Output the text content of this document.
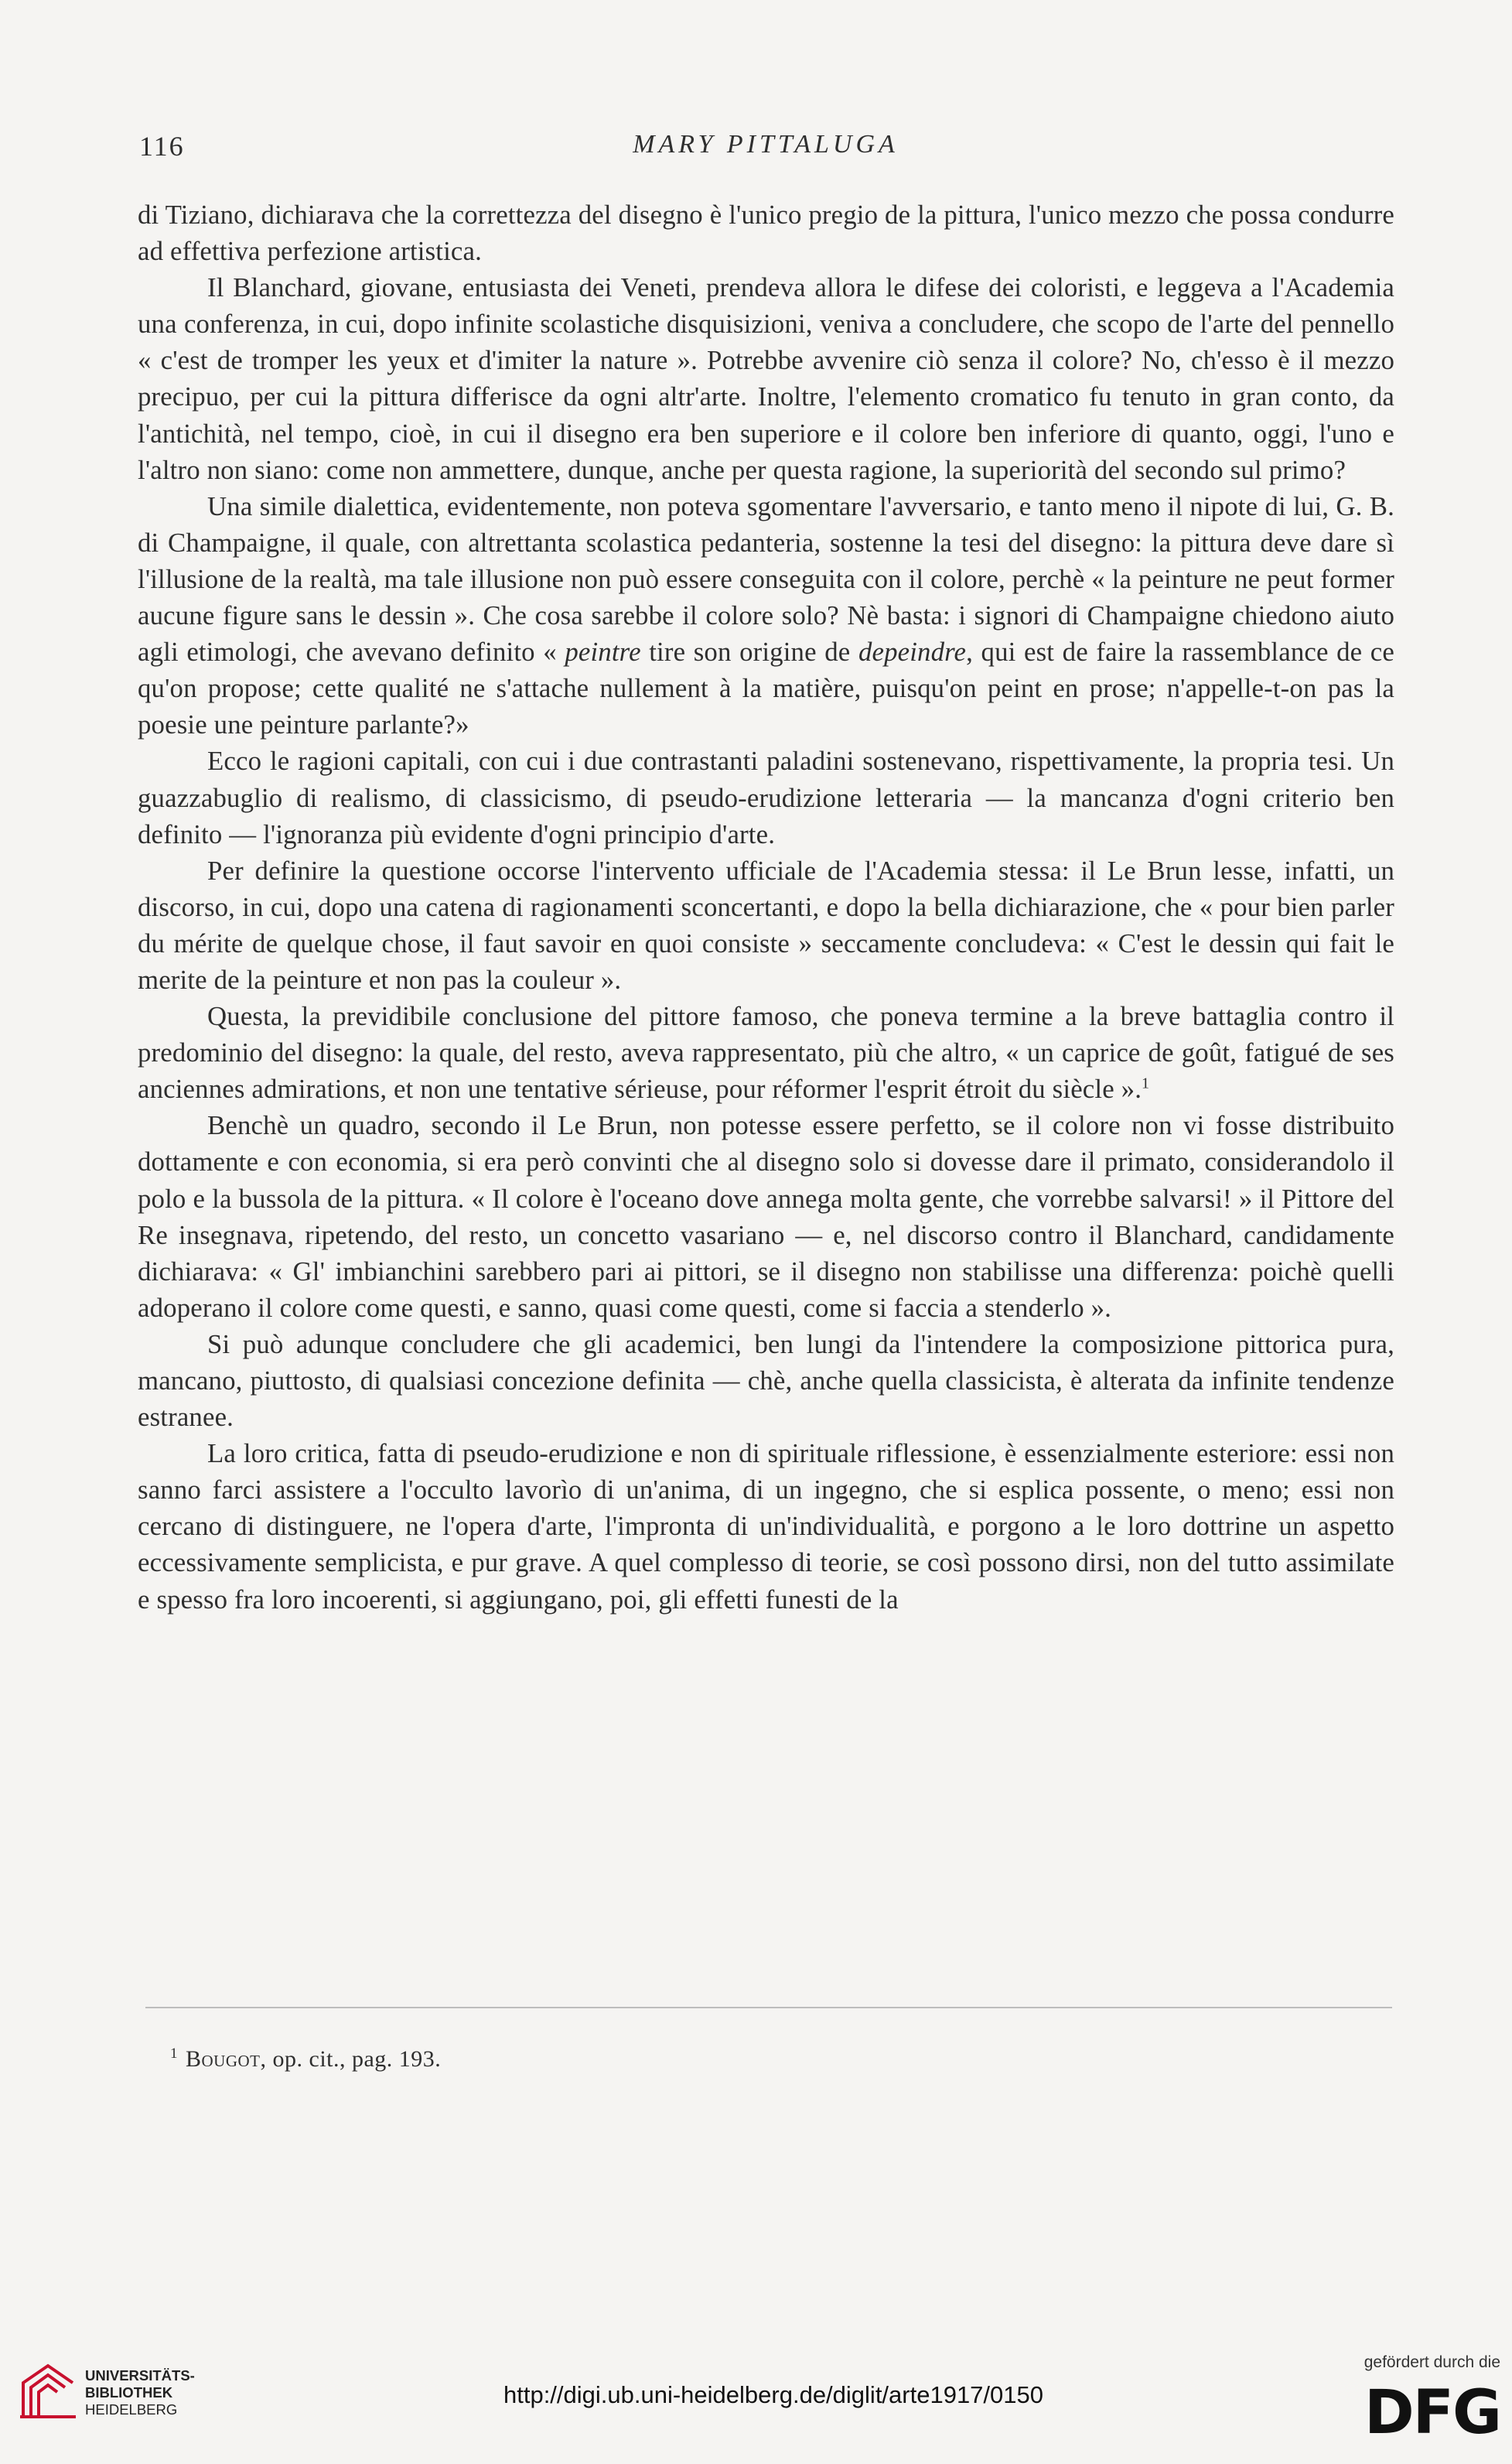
116	MARY PITTALUGA

di Tiziano, dichiarava che la correttezza del disegno è l'unico pregio de la pittura, l'unico mezzo che possa condurre ad effettiva perfezione artistica.

Il Blanchard, giovane, entusiasta dei Veneti, prendeva allora le difese dei coloristi, e leggeva a l'Academia una conferenza, in cui, dopo infinite scolastiche disquisizioni, veniva a concludere, che scopo de l'arte del pennello « c'est de tromper les yeux et d'imiter la nature ». Potrebbe avvenire ciò senza il colore? No, ch'esso è il mezzo precipuo, per cui la pittura differisce da ogni altr'arte. Inoltre, l'elemento cromatico fu tenuto in gran conto, da l'antichità, nel tempo, cioè, in cui il disegno era ben superiore e il colore ben inferiore di quanto, oggi, l'uno e l'altro non siano: come non ammettere, dunque, anche per questa ragione, la superiorità del secondo sul primo?

Una simile dialettica, evidentemente, non poteva sgomentare l'avversario, e tanto meno il nipote di lui, G. B. di Champaigne, il quale, con altrettanta scolastica pedanteria, sostenne la tesi del disegno: la pittura deve dare sì l'illusione de la realtà, ma tale illusione non può essere conseguita con il colore, perchè « la peinture ne peut former aucune figure sans le dessin ». Che cosa sarebbe il colore solo? Nè basta: i signori di Champaigne chiedono aiuto agli etimologi, che avevano definito « peintre tire son origine de depeindre, qui est de faire la rassemblance de ce qu'on propose; cette qualité ne s'attache nullement à la matière, puisqu'on peint en prose; n'appelle-t-on pas la poesie une peinture parlante?»

Ecco le ragioni capitali, con cui i due contrastanti paladini sostenevano, rispettivamente, la propria tesi. Un guazzabuglio di realismo, di classicismo, di pseudo-erudizione letteraria — la mancanza d'ogni criterio ben definito — l'ignoranza più evidente d'ogni principio d'arte.

Per definire la questione occorse l'intervento ufficiale de l'Academia stessa: il Le Brun lesse, infatti, un discorso, in cui, dopo una catena di ragionamenti sconcertanti, e dopo la bella dichiarazione, che « pour bien parler du mérite de quelque chose, il faut savoir en quoi consiste » seccamente concludeva: « C'est le dessin qui fait le merite de la peinture et non pas la couleur ».

Questa, la previdibile conclusione del pittore famoso, che poneva termine a la breve battaglia contro il predominio del disegno: la quale, del resto, aveva rappresentato, più che altro, « un caprice de goût, fatigué de ses anciennes admirations, et non une tentative sérieuse, pour réformer l'esprit étroit du siècle ».$^1$

Benchè un quadro, secondo il Le Brun, non potesse essere perfetto, se il colore non vi fosse distribuito dottamente e con economia, si era però convinti che al disegno solo si dovesse dare il primato, considerandolo il polo e la bussola de la pittura. « Il colore è l'oceano dove annega molta gente, che vorrebbe salvarsi! » il Pittore del Re insegnava, ripetendo, del resto, un concetto vasariano — e, nel discorso contro il Blanchard, candidamente dichiarava: « Gl' imbianchini sarebbero pari ai pittori, se il disegno non stabilisse una differenza: poichè quelli adoperano il colore come questi, e sanno, quasi come questi, come si faccia a stenderlo ».

Si può adunque concludere che gli academici, ben lungi da l'intendere la composizione pittorica pura, mancano, piuttosto, di qualsiasi concezione definita — chè, anche quella classicista, è alterata da infinite tendenze estranee.

La loro critica, fatta di pseudo-erudizione e non di spirituale riflessione, è essenzialmente esteriore: essi non sanno farci assistere a l'occulto lavorìo di un'anima, di un ingegno, che si esplica possente, o meno; essi non cercano di distinguere, ne l'opera d'arte, l'impronta di un'individualità, e porgono a le loro dottrine un aspetto eccessivamente semplicista, e pur grave. A quel complesso di teorie, se così possono dirsi, non del tutto assimilate e spesso fra loro incoerenti, si aggiungano, poi, gli effetti funesti de la

$^1$ Bougot, op. cit., pag. 193.
UNIVERSITÄTS-
BIBLIOTHEK
HEIDELBERG
http://digi.ub.uni-heidelberg.de/diglit/arte1917/0150
gefördert durch die
DFG
